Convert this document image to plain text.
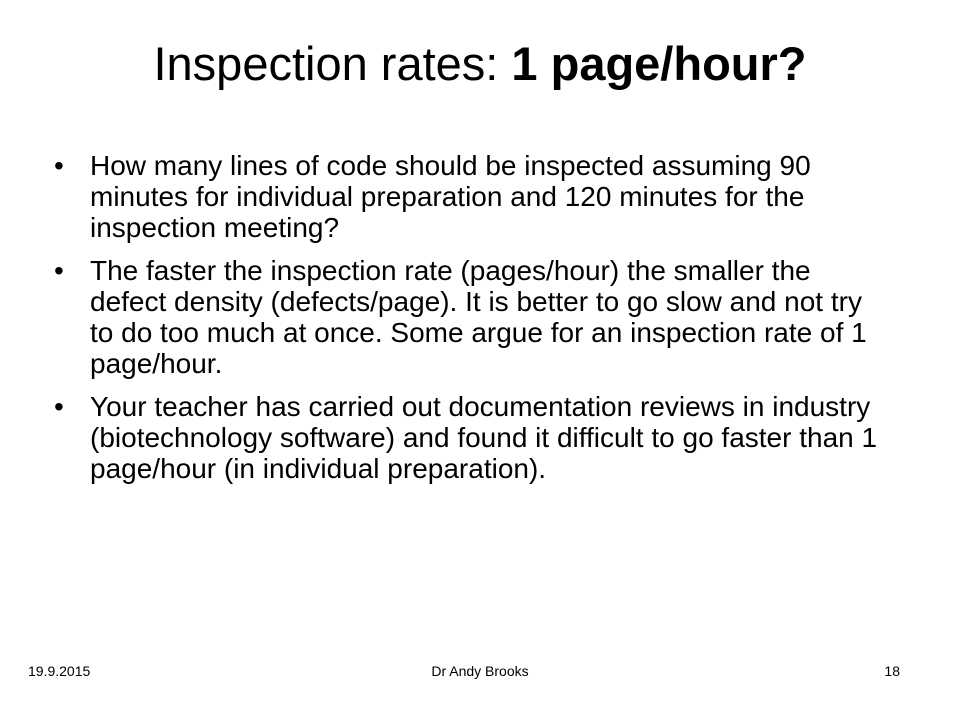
Inspection rates: 1 page/hour?
• How many lines of code should be inspected assuming 90 minutes for individual preparation and 120 minutes for the inspection meeting?
• The faster the inspection rate (pages/hour) the smaller the defect density (defects/page). It is better to go slow and not try to do too much at once. Some argue for an inspection rate of 1 page/hour.
• Your teacher has carried out documentation reviews in industry (biotechnology software) and found it difficult to go faster than 1 page/hour (in individual preparation).
19.9.2015	Dr Andy Brooks	18
